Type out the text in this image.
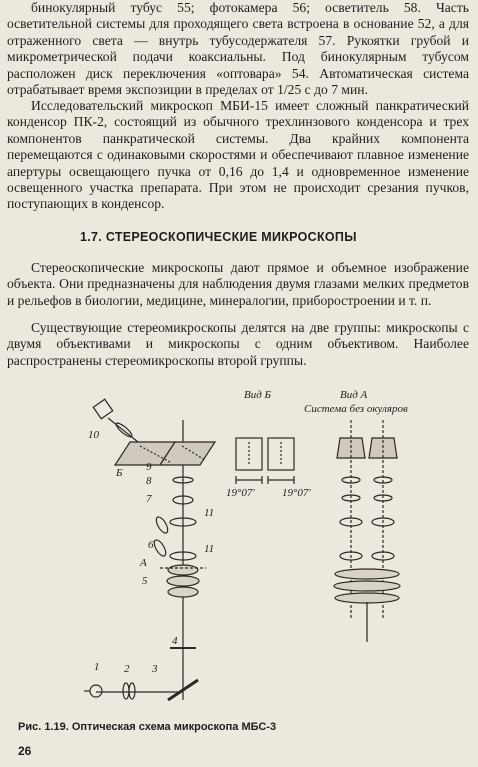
бинокулярный тубус 55; фотокамера 56; осветитель 58. Часть осветительной системы для проходящего света встроена в основание 52, а для отраженного света — внутрь тубусодержателя 57. Рукоятки грубой и микрометрической подачи коаксиальны. Под бинокулярным тубусом расположен диск переключения «оптовара» 54. Автоматическая система отрабатывает время экспозиции в пределах от 1/25 с до 7 мин.

Исследовательский микроскоп МБИ-15 имеет сложный панкратический конденсор ПК-2, состоящий из обычного трехлинзового конденсора и трех компонентов панкратической системы. Два крайних компонента перемещаются с одинаковыми скоростями и обеспечивают плавное изменение апертуры освещающего пучка от 0,16 до 1,4 и одновременное изменение освещенного участка препарата. При этом не происходит срезания пучков, поступающих в конденсор.

1.7. СТЕРЕОСКОПИЧЕСКИЕ МИКРОСКОПЫ

Стереоскопические микроскопы дают прямое и объемное изображение объекта. Они предназначены для наблюдения двумя глазами мелких предметов и рельефов в биологии, медицине, минералогии, приборостроении и т. п.

Существующие стереомикроскопы делятся на две группы: микроскопы с двумя объективами и микроскопы с одним объективом. Наиболее распространены стереомикроскопы второй группы.

Вид Б	Вид А
Система без окуляров
19°07′ 19°07′
10
Б 9
8
7
11
6	11
А
5
4
3
2
1
Рис. 1.19. Оптическая схема микроскопа МБС-3
26
